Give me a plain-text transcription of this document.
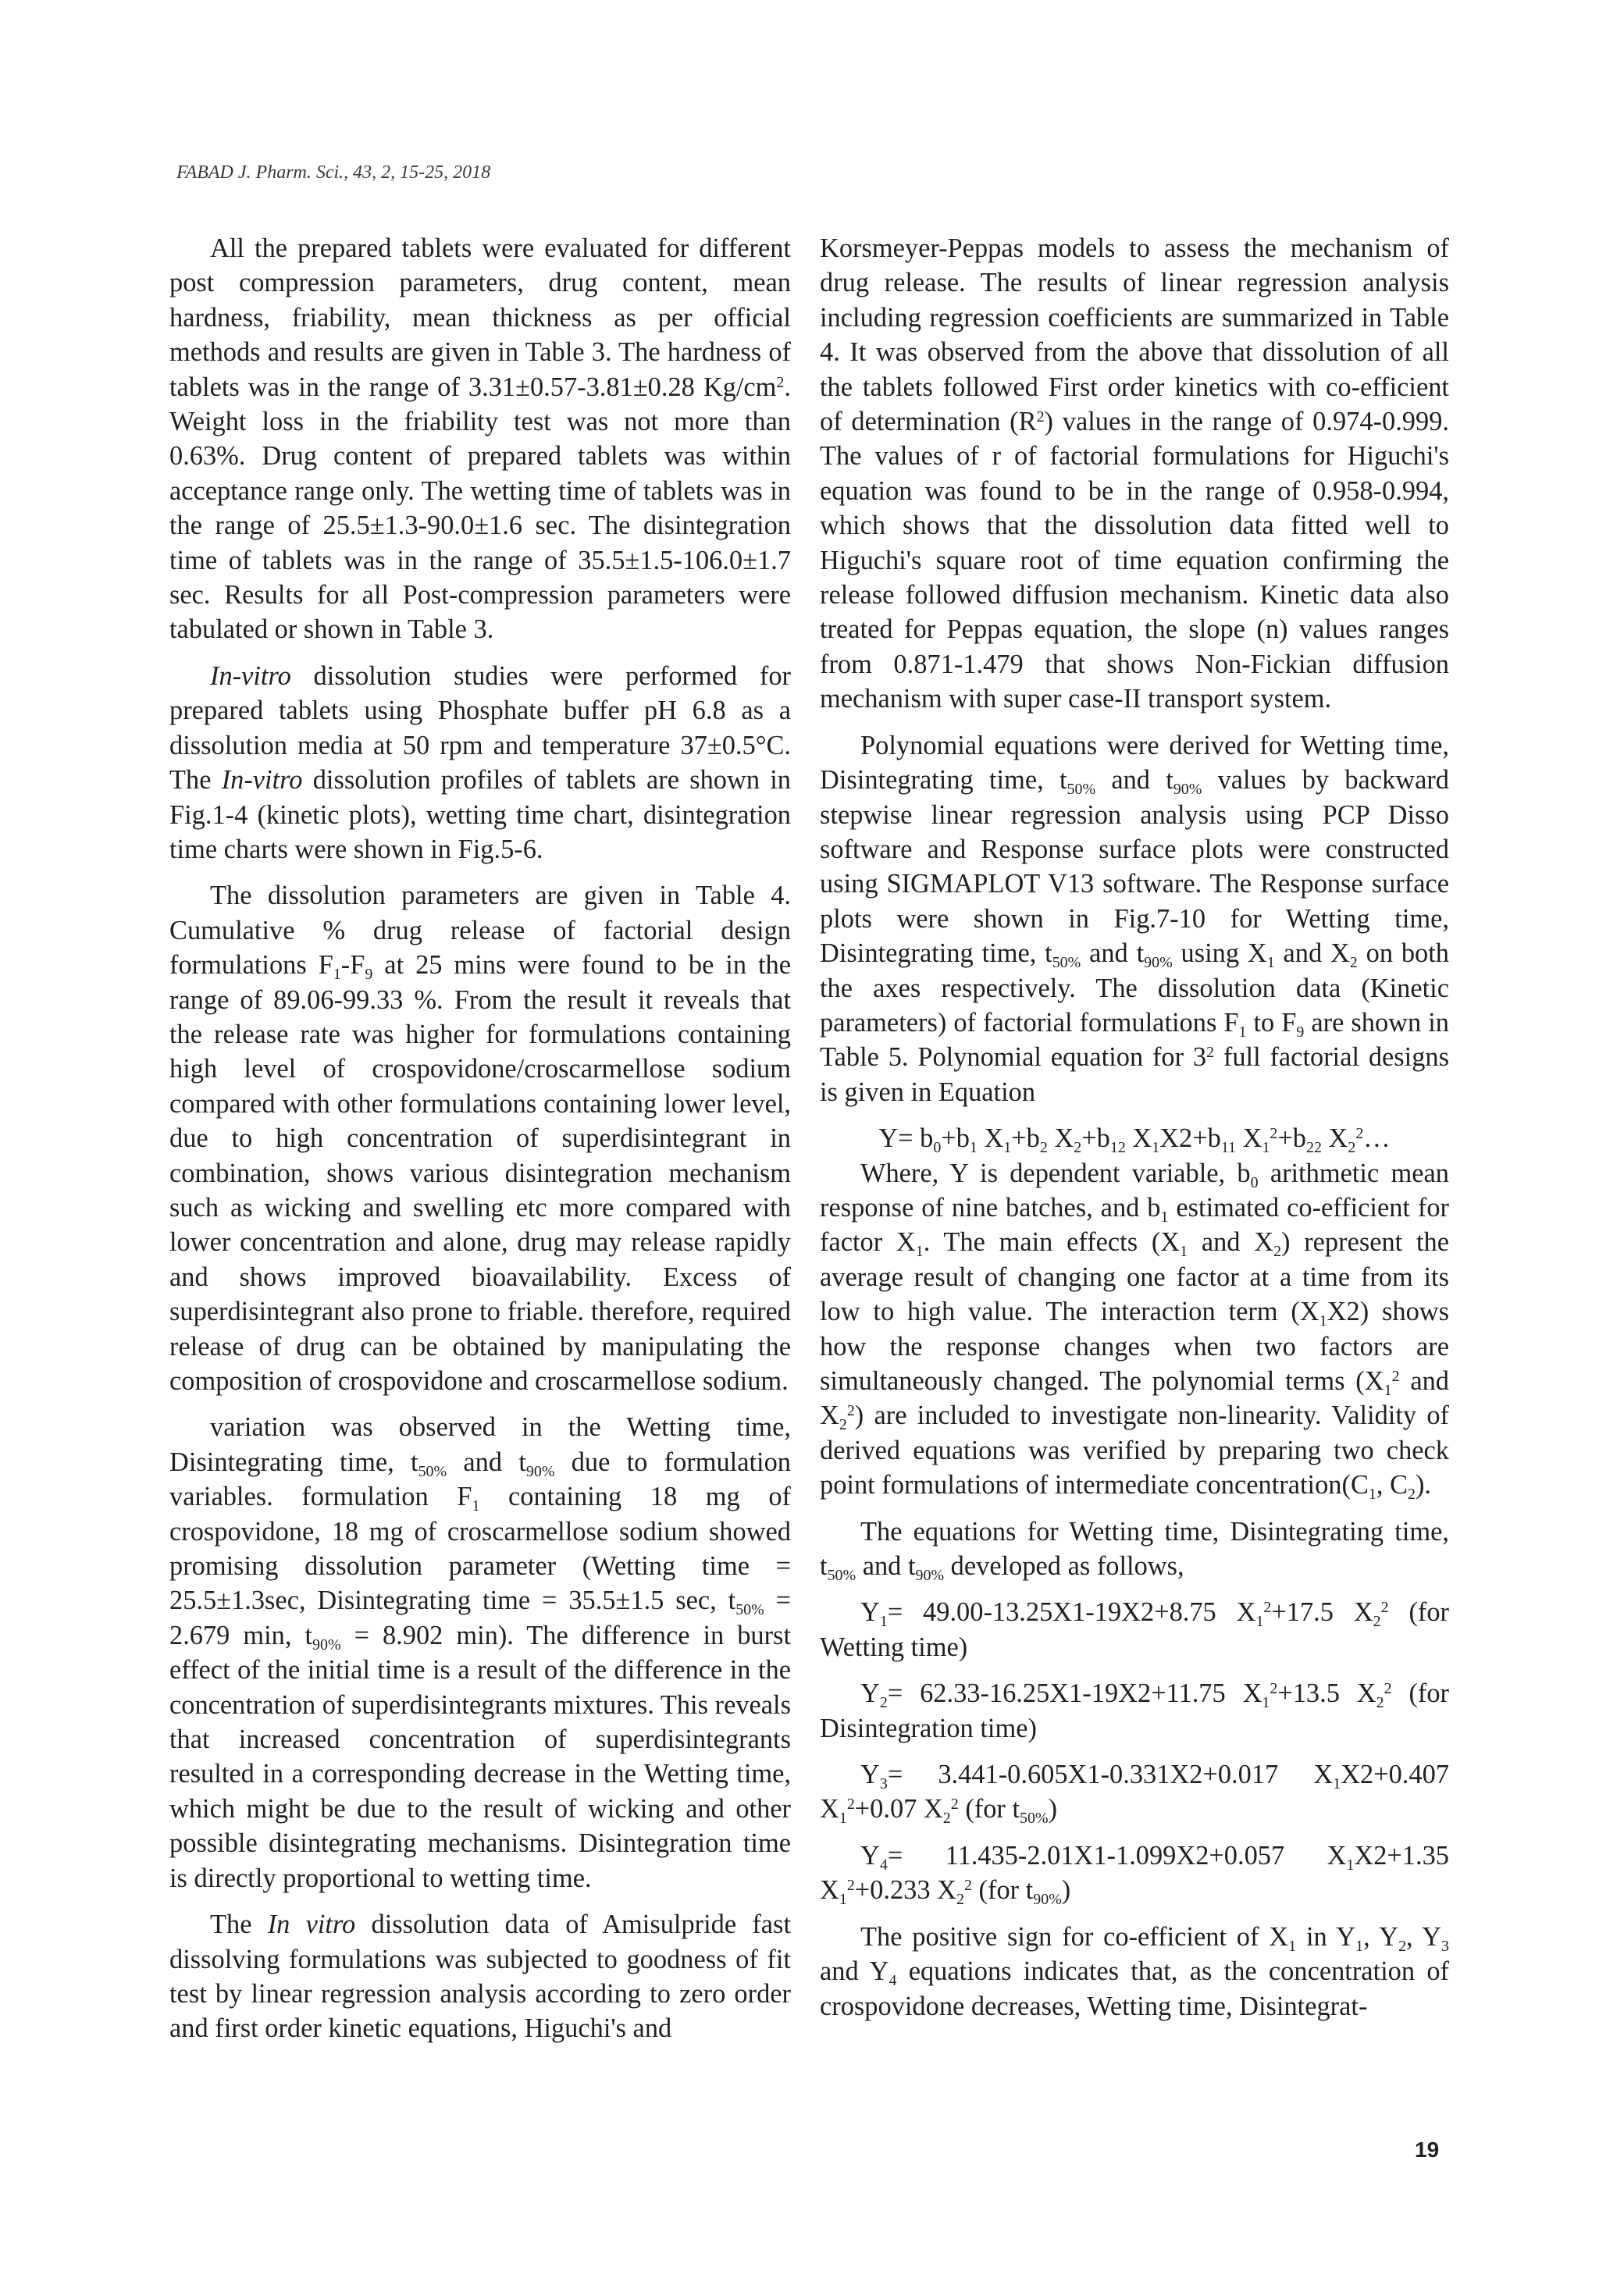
FABAD J. Pharm. Sci., 43, 2, 15-25, 2018

All the prepared tablets were evaluated for different post compression parameters, drug content, mean hardness, friability, mean thickness as per official methods and results are given in Table 3. The hardness of tablets was in the range of 3.31±0.57-3.81±0.28 $Kg/cm^2$. Weight loss in the friability test was not more than 0.63%. Drug content of prepared tablets was within acceptance range only. The wetting time of tablets was in the range of 25.5±1.3-90.0±1.6 sec. The disintegration time of tablets was in the range of 35.5±1.5-106.0±1.7 sec. Results for all Post-compression parameters were tabulated or shown in Table 3.

In-vitro dissolution studies were performed for prepared tablets using Phosphate buffer pH 6.8 as a dissolution media at 50 rpm and temperature 37±0.5°C. The In-vitro dissolution profiles of tablets are shown in Fig.1-4 (kinetic plots), wetting time chart, disintegration time charts were shown in Fig.5-6.

The dissolution parameters are given in Table 4. Cumulative % drug release of factorial design formulations $F_1-F_9$ at 25 mins were found to be in the range of 89.06-99.33 %. From the result it reveals that the release rate was higher for formulations containing high level of crospovidone/croscarmellose sodium compared with other formulations containing lower level, due to high concentration of superdisintegrant in combination, shows various disintegration mechanism such as wicking and swelling etc more compared with lower concentration and alone, drug may release rapidly and shows improved bioavailability. Excess of superdisintegrant also prone to friable. therefore, required release of drug can be obtained by manipulating the composition of crospovidone and croscarmellose sodium.

variation was observed in the Wetting time, Disintegrating time, $t_{50\%}$ and $t_{90\%}$ due to formulation variables. formulation $F_1$ containing 18 mg of crospovidone, 18 mg of croscarmellose sodium showed promising dissolution parameter (Wetting time = 25.5±1.3sec, Disintegrating time = 35.5±1.5 sec, $t_{50\%} = 2.679$ min, $t_{90\%} = 8.902$ min). The difference in burst effect of the initial time is a result of the difference in the concentration of superdisintegrants mixtures. This reveals that increased concentration of superdisintegrants resulted in a corresponding decrease in the Wetting time, which might be due to the result of wicking and other possible disintegrating mechanisms. Disintegration time is directly proportional to wetting time.

The In vitro dissolution data of Amisulpride fast dissolving formulations was subjected to goodness of fit test by linear regression analysis according to zero order and first order kinetic equations, Higuchi's and

Korsmeyer-Peppas models to assess the mechanism of drug release. The results of linear regression analysis including regression coefficients are summarized in Table 4. It was observed from the above that dissolution of all the tablets followed First order kinetics with co-efficient of determination $(R^2)$ values in the range of 0.974-0.999. The values of r of factorial formulations for Higuchi's equation was found to be in the range of 0.958-0.994, which shows that the dissolution data fitted well to Higuchi's square root of time equation confirming the release followed diffusion mechanism. Kinetic data also treated for Peppas equation, the slope (n) values ranges from 0.871-1.479 that shows Non-Fickian diffusion mechanism with super case-II transport system.

Polynomial equations were derived for Wetting time, Disintegrating time, $t_{50\%}$ and $t_{90\%}$ values by backward stepwise linear regression analysis using PCP Disso software and Response surface plots were constructed using SIGMAPLOT V13 software. The Response surface plots were shown in Fig.7-10 for Wetting time, Disintegrating time, $t_{50\%}$ and $t_{90\%}$ using $X_1$ and $X_2$ on both the axes respectively. The dissolution data (Kinetic parameters) of factorial formulations $F_1$ to $F_9$ are shown in Table 5. Polynomial equation for $3^2$ full factorial designs is given in Equation

$Y= b_0+b_1$ $X_1+b_2$ $X_2+b_{12}$ $X_1X2+b_{11}$ $X_1^2+b_{22}$ $X_2^2\dots$

Where, Y is dependent variable, $b_0$ arithmetic mean response of nine batches, and $b_1$ estimated co-efficient for factor $X_1$. The main effects ($X_1$ and $X_2$) represent the average result of changing one factor at a time from its low to high value. The interaction term $(X_1X2)$ shows how the response changes when two factors are simultaneously changed. The polynomial terms ($X_1^2$ and $X_2^2$) are included to investigate non-linearity. Validity of derived equations was verified by preparing two check point formulations of intermediate $concentration(C_1$, $C_2$).

The equations for Wetting time, Disintegrating time, $t_{50\%}$ and $t_{90\%}$ developed as follows,

$Y_1= 49.00-13.25X1-19X2+8.75$ $X_1^2+17.5$ $X_2^2$ (for Wetting time)

$Y_2= 62.33-16.25X1-19X2+11.75$ $X_1^2+13.5$ $X_2^2$ (for Disintegration time)

$Y_3= 3.441-0.605X1-0.331X2+0.017$ $X_1X2+0.407$ $X_1^2+0.07$ $X_2^2$ (for $t_{50\%}$)

$Y_4= 11.435-2.01X1-1.099X2+0.057$ $X_1X2+1.35$ $X_1^2+0.233$ $X_2^2$ (for $t_{90\%}$)

The positive sign for co-efficient of $X_1$ in $Y_1$, $Y_2$, $Y_3$ and $Y_4$ equations indicates that, as the concentration of crospovidone decreases, Wetting time, Disintegrat-

19
